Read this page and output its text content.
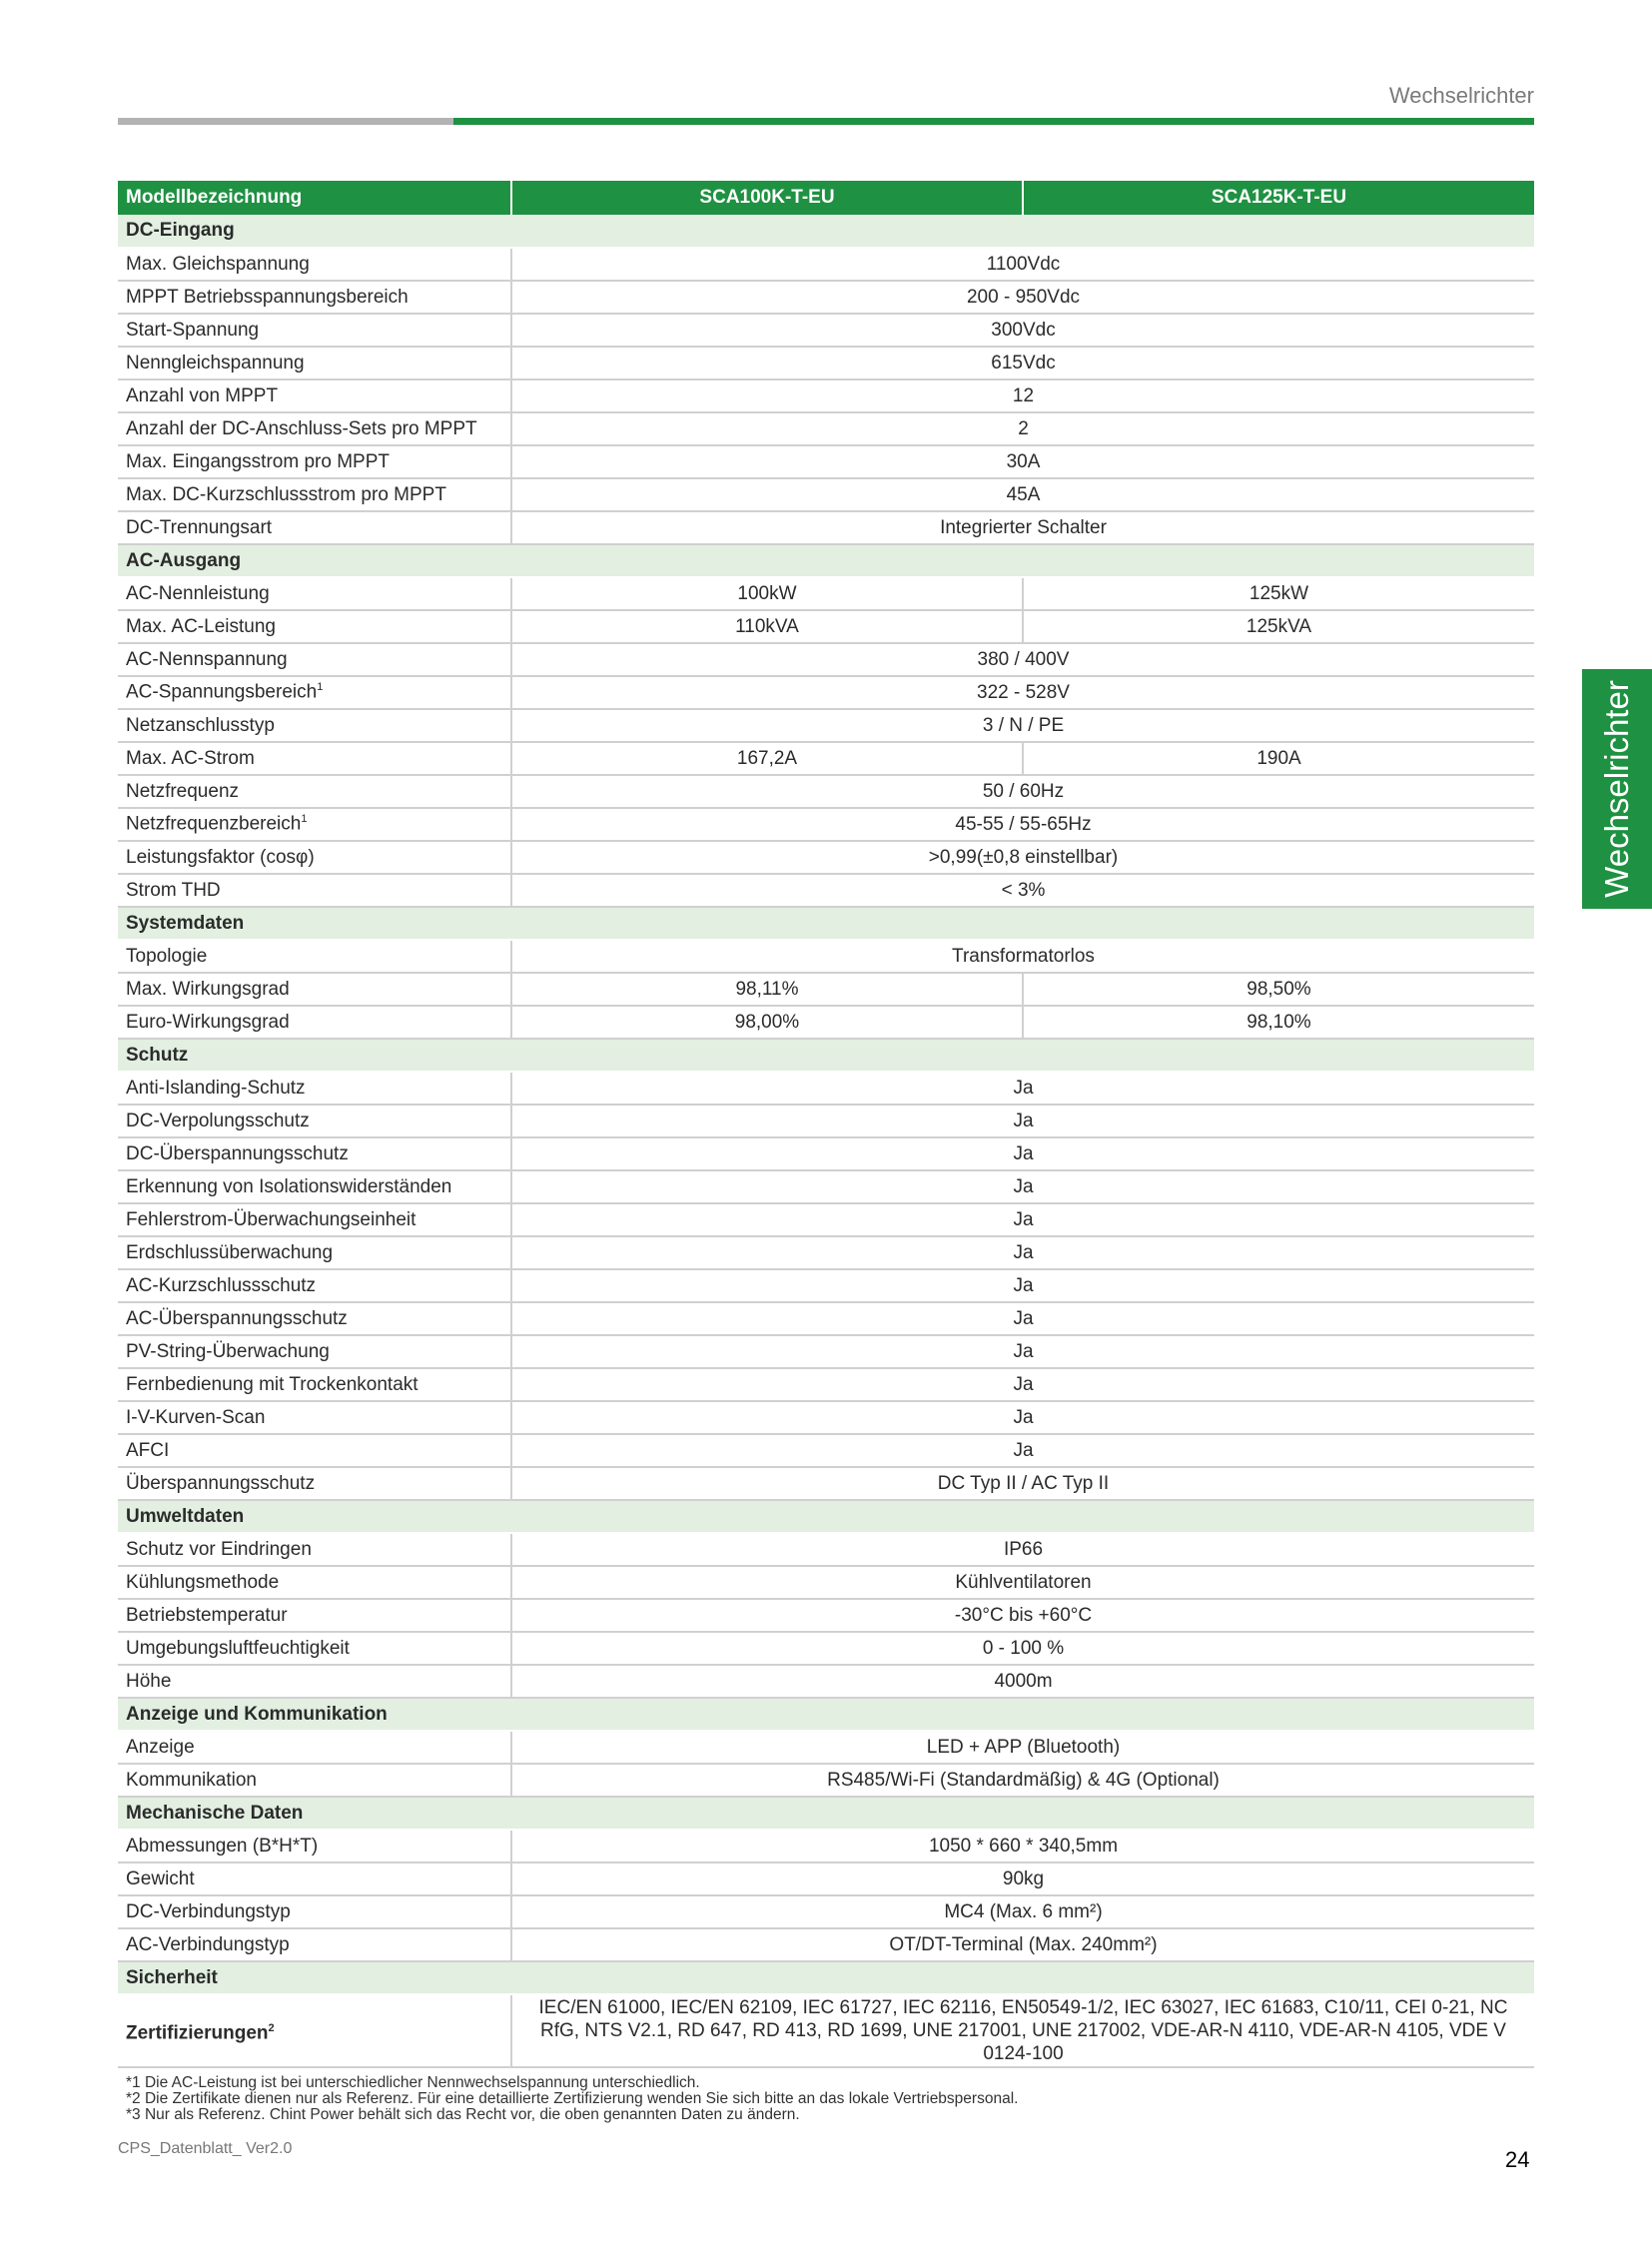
Wechselrichter
Wechselrichter
Modellbezeichnung	SCA100K-T-EU	SCA125K-T-EU
DC-Eingang		
Max. Gleichspannung	1100Vdc	
MPPT Betriebsspannungsbereich	200 - 950Vdc	
Start-Spannung	300Vdc	
Nenngleichspannung	615Vdc	
Anzahl von MPPT	12	
Anzahl der DC-Anschluss-Sets pro MPPT	2	
Max. Eingangsstrom pro MPPT	30A	
Max. DC-Kurzschlussstrom pro MPPT	45A	
DC-Trennungsart	Integrierter Schalter	
AC-Ausgang		
AC-Nennleistung	100kW	125kW
Max. AC-Leistung	110kVA	125kVA
AC-Nennspannung	380 / 400V	
AC-Spannungsbereich$^1$	322 - 528V	
Netzanschlusstyp	3 / N / PE	
Max. AC-Strom	167,2A	190A
Netzfrequenz	50 / 60Hz	
Netzfrequenzbereich$^1$	45-55 / 55-65Hz	
Leistungsfaktor (cosφ)	>0,99(±0,8 einstellbar)	
Strom THD	< 3%	
Systemdaten		
Topologie	Transformatorlos	
Max. Wirkungsgrad	98,11%	98,50%
Euro-Wirkungsgrad	98,00%	98,10%
Schutz		
Anti-Islanding-Schutz	Ja	
DC-Verpolungsschutz	Ja	
DC-Überspannungsschutz	Ja	
Erkennung von Isolationswiderständen	Ja	
Fehlerstrom-Überwachungseinheit	Ja	
Erdschlussüberwachung	Ja	
AC-Kurzschlussschutz	Ja	
AC-Überspannungsschutz	Ja	
PV-String-Überwachung	Ja	
Fernbedienung mit Trockenkontakt	Ja	
I-V-Kurven-Scan	Ja	
AFCI	Ja	
Überspannungsschutz	DC Typ II / AC Typ II	
Umweltdaten		
Schutz vor Eindringen	IP66	
Kühlungsmethode	Kühlventilatoren	
Betriebstemperatur	-30°C bis +60°C	
Umgebungsluftfeuchtigkeit	0 - 100 %	
Höhe	4000m	
Anzeige und Kommunikation		
Anzeige	LED + APP (Bluetooth)	
Kommunikation	RS485/Wi-Fi (Standardmäßig) & 4G (Optional)	
Mechanische Daten		
Abmessungen (B*H*T)	1050 * 660 * 340,5mm	
Gewicht	90kg	
DC-Verbindungstyp	MC4 (Max. 6 mm²)	
AC-Verbindungstyp	OT/DT-Terminal (Max. 240mm²)	
Sicherheit		
Zertifizierungen$^2$	IEC/EN 61000, IEC/EN 62109, IEC 61727, IEC 62116, EN50549-1/2, IEC 63027, IEC 61683, C10/11, CEI 0-21, NC RfG, NTS V2.1, RD 647, RD 413, RD 1699, UNE 217001, UNE 217002, VDE-AR-N 4110, VDE-AR-N 4105, VDE V 0124-100	
*1 Die AC-Leistung ist bei unterschiedlicher Nennwechselspannung unterschiedlich.
*2 Die Zertifikate dienen nur als Referenz. Für eine detaillierte Zertifizierung wenden Sie sich bitte an das lokale Vertriebspersonal.
*3 Nur als Referenz. Chint Power behält sich das Recht vor, die oben genannten Daten zu ändern.
CPS_Datenblatt_ Ver2.0	24
